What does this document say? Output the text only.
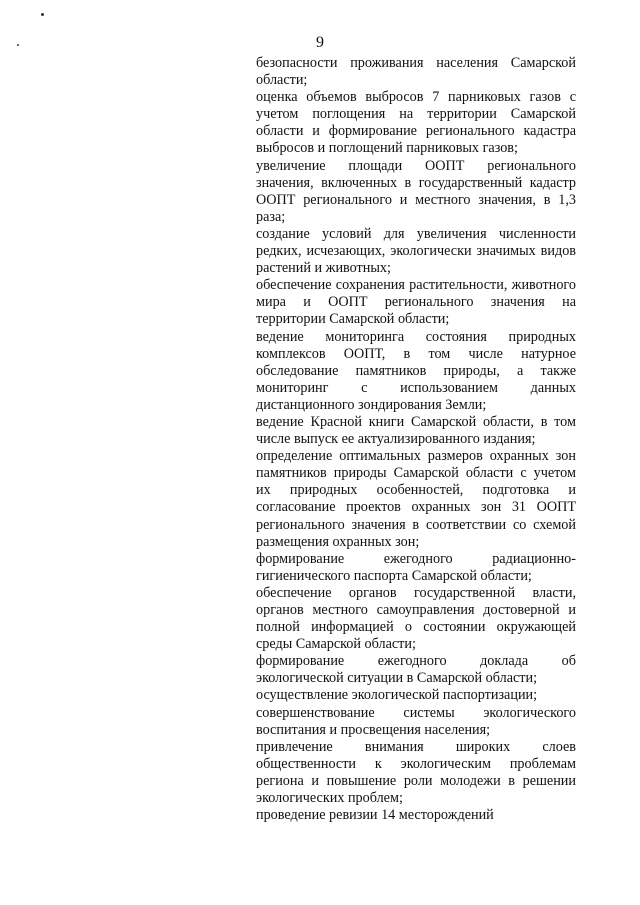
9

безопасности проживания населения Самарской области;

оценка объемов выбросов 7 парниковых газов с учетом поглощения на территории Самарской области и формирование регионального кадастра выбросов и поглощений парниковых газов;

увеличение площади ООПТ регионального значения, включенных в государственный кадастр ООПТ регионального и местного значения, в 1,3 раза;

создание условий для увеличения численности редких, исчезающих, экологически значимых видов растений и животных;

обеспечение сохранения растительности, животного мира и ООПТ регионального значения на территории Самарской области;

ведение мониторинга состояния природных комплексов ООПТ, в том числе натурное обследование памятников природы, а также мониторинг с использованием данных дистанционного зондирования Земли;

ведение Красной книги Самарской области, в том числе выпуск ее актуализированного издания;

определение оптимальных размеров охранных зон памятников природы Самарской области с учетом их природных особенностей, подготовка и согласование проектов охранных зон 31 ООПТ регионального значения в соответствии со схемой размещения охранных зон;

формирование ежегодного радиационно-гигиенического паспорта Самарской области;

обеспечение органов государственной власти, органов местного самоуправления достоверной и полной информацией о состоянии окружающей среды Самарской области;

формирование ежегодного доклада об экологической ситуации в Самарской области;

осуществление экологической паспортизации;

совершенствование системы экологического воспитания и просвещения населения;

привлечение внимания широких слоев общественности к экологическим проблемам региона и повышение роли молодежи в решении экологических проблем;

проведение ревизии 14 месторождений
